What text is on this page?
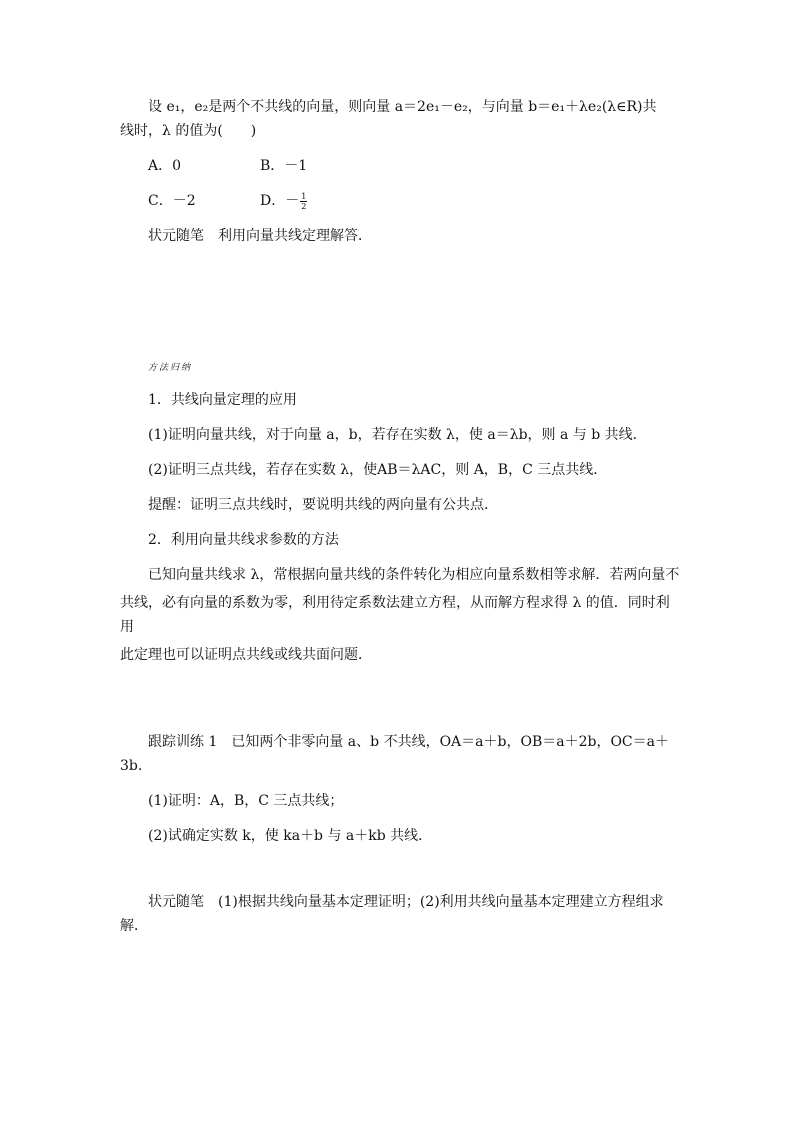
设 e₁，e₂是两个不共线的向量，则向量 a＝2e₁－e₂，与向量 b＝e₁＋λe₂(λ∈R)共

线时，λ 的值为(　　)

A．0	B．－1
C．－2	D．－ $\frac{1}{2}$

状元随笔　利用向量共线定理解答．

方法归纳

1．共线向量定理的应用

(1)证明向量共线，对于向量 a，b，若存在实数 λ，使 a＝λb，则 a 与 b 共线．

(2)证明三点共线，若存在实数 λ，使AB＝λAC，则 A，B，C 三点共线．

提醒：证明三点共线时，要说明共线的两向量有公共点．

2．利用向量共线求参数的方法

已知向量共线求 λ，常根据向量共线的条件转化为相应向量系数相等求解．若两向量不

共线，必有向量的系数为零，利用待定系数法建立方程，从而解方程求得 λ 的值．同时利用

此定理也可以证明点共线或线共面问题．

跟踪训练 1　 已知两个非零向量 a、b 不共线，OA＝a＋b，OB＝a＋2b，OC＝a＋3b.

(1)证明：A，B，C 三点共线；

(2)试确定实数 k，使 ka＋b 与 a＋kb 共线．

状元随笔　(1)根据共线向量基本定理证明；(2)利用共线向量基本定理建立方程组求

解．
